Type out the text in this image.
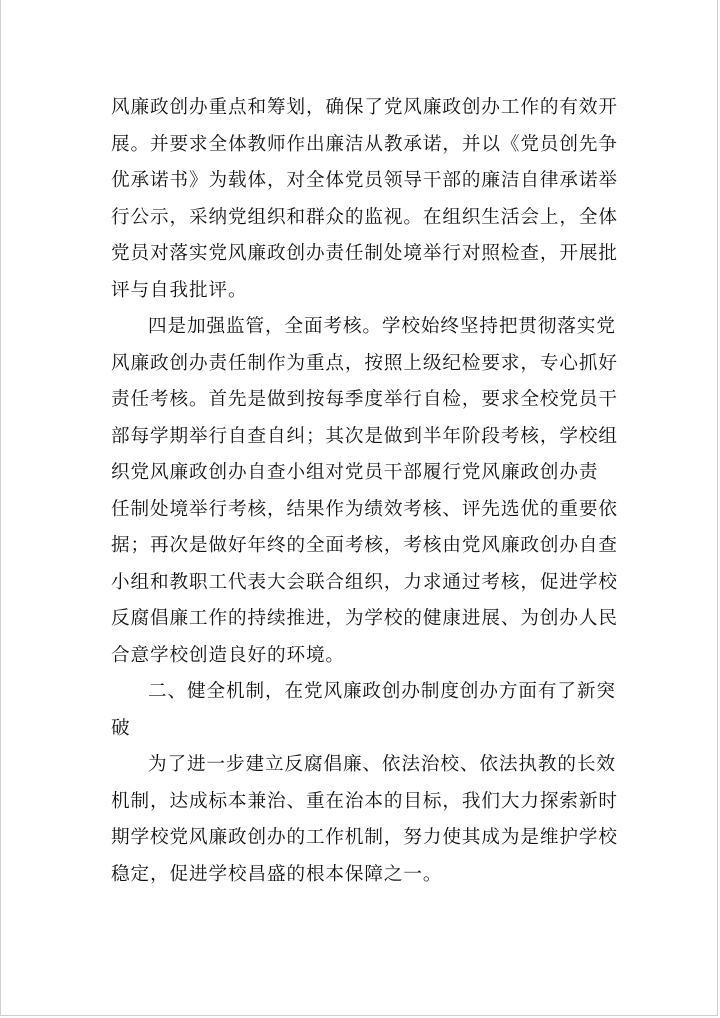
风廉政创办重点和筹划，确保了党风廉政创办工作的有效开
展。并要求全体教师作出廉洁从教承诺，并以《党员创先争
优承诺书》为载体，对全体党员领导干部的廉洁自律承诺举
行公示，采纳党组织和群众的监视。在组织生活会上，全体
党员对落实党风廉政创办责任制处境举行对照检查，开展批
评与自我批评。
四是加强监管，全面考核。学校始终坚持把贯彻落实党
风廉政创办责任制作为重点，按照上级纪检要求，专心抓好
责任考核。首先是做到按每季度举行自检，要求全校党员干
部每学期举行自查自纠；其次是做到半年阶段考核，学校组
织党风廉政创办自查小组对党员干部履行党风廉政创办责
任制处境举行考核，结果作为绩效考核、评先选优的重要依
据；再次是做好年终的全面考核，考核由党风廉政创办自查
小组和教职工代表大会联合组织，力求通过考核，促进学校
反腐倡廉工作的持续推进，为学校的健康进展、为创办人民
合意学校创造良好的环境。
二、健全机制，在党风廉政创办制度创办方面有了新突
破
为了进一步建立反腐倡廉、依法治校、依法执教的长效
机制，达成标本兼治、重在治本的目标，我们大力探索新时
期学校党风廉政创办的工作机制，努力使其成为是维护学校
稳定，促进学校昌盛的根本保障之一。
